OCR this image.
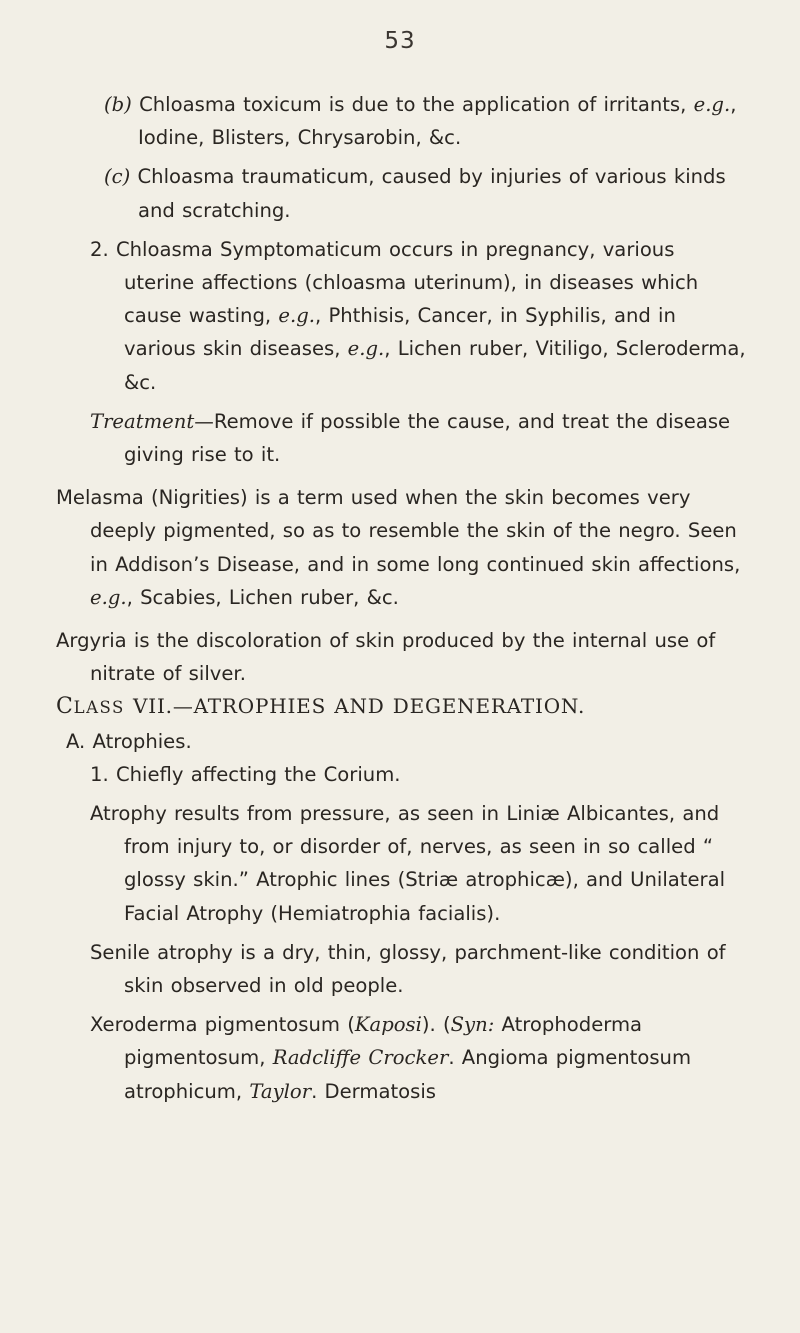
53

(b) Chloasma toxicum is due to the application of irritants, e.g., Iodine, Blisters, Chrysarobin, &c.

(c) Chloasma traumaticum, caused by injuries of various kinds and scratching.

2. Chloasma Symptomaticum occurs in pregnancy, various uterine affections (chloasma uterinum), in diseases which cause wasting, e.g., Phthisis, Cancer, in Syphilis, and in various skin diseases, e.g., Lichen ruber, Vitiligo, Scleroderma, &c.

Treatment—Remove if possible the cause, and treat the disease giving rise to it.

Melasma (Nigrities) is a term used when the skin becomes very deeply pigmented, so as to resemble the skin of the negro. Seen in Addison’s Disease, and in some long continued skin affections, e.g., Scabies, Lichen ruber, &c.

Argyria is the discoloration of skin produced by the internal use of nitrate of silver.

CLASS VII.—ATROPHIES AND DEGENERATION.

A. Atrophies.

1. Chiefly affecting the Corium.

Atrophy results from pressure, as seen in Liniæ Albicantes, and from injury to, or disorder of, nerves, as seen in so called “ glossy skin.” Atrophic lines (Striæ atrophicæ), and Unilateral Facial Atrophy (Hemiatrophia facialis).

Senile atrophy is a dry, thin, glossy, parchment-like condition of skin observed in old people.

Xeroderma pigmentosum (Kaposi). (Syn: Atrophoderma pigmentosum, Radcliffe Crocker. Angioma pigmentosum atrophicum, Taylor. Dermatosis
